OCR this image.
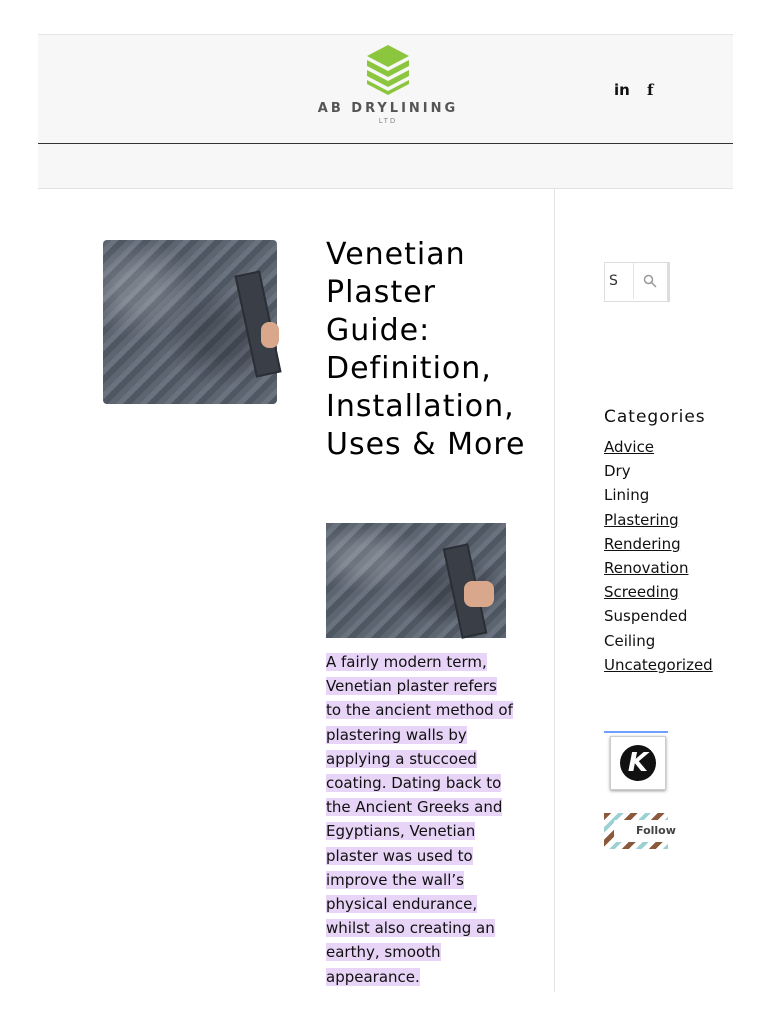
AB DRYLINING
LTD
in f
Venetian Plaster Guide: Definition, Installation, Uses & More

A fairly modern term, Venetian plaster refers to the ancient method of plastering walls by applying a stuccoed coating. Dating back to the Ancient Greeks and Egyptians, Venetian plaster was used to improve the wall’s physical endurance, whilst also creating an earthy, smooth appearance.

S
Categories
Advice
Dry Lining
Plastering
Rendering
Renovation
Screeding
Suspended Ceiling
Uncategorized
K
Follow
